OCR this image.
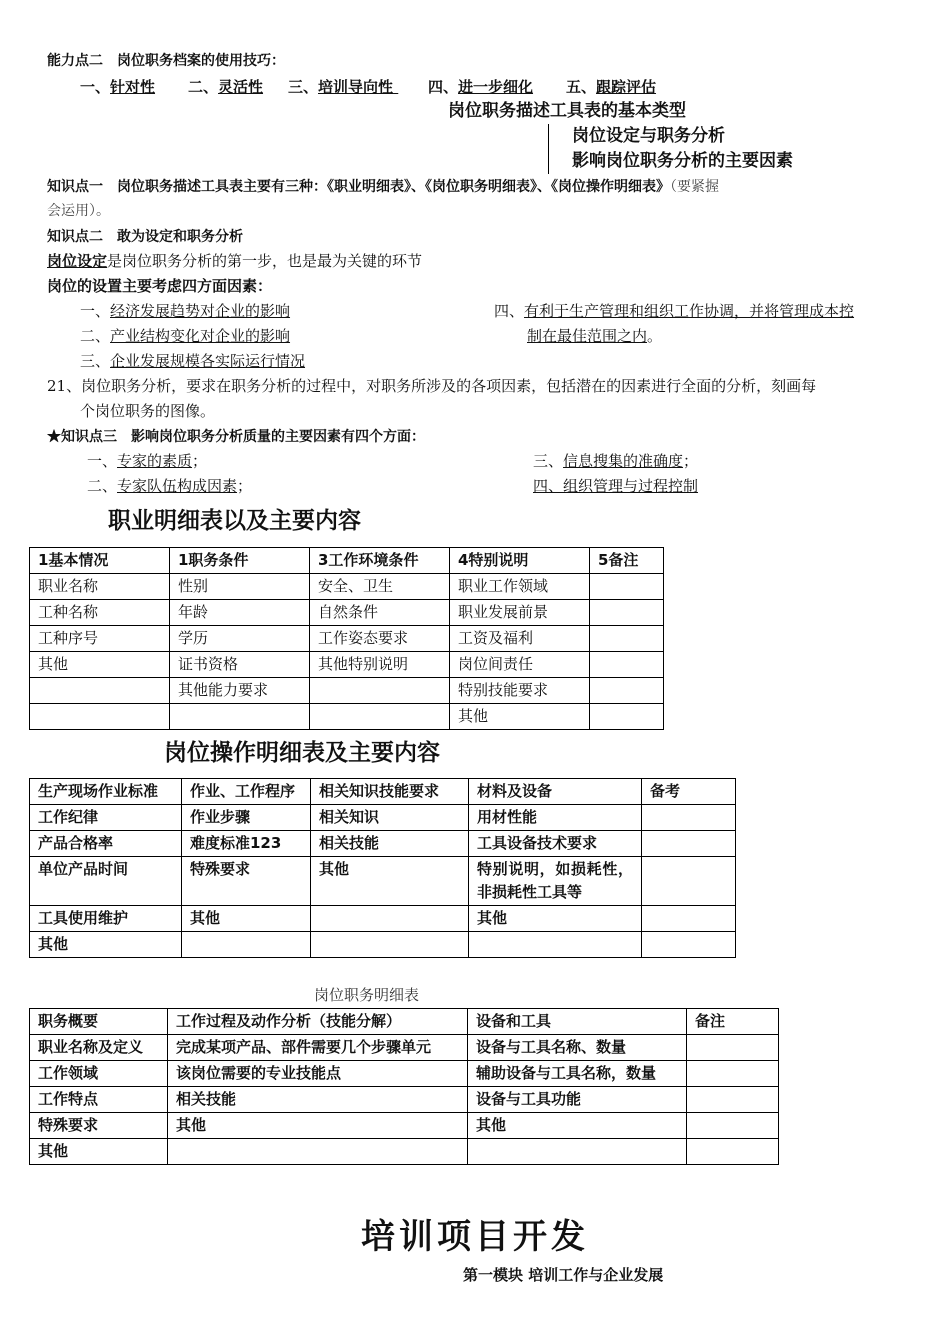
能力点二　岗位职务档案的使用技巧：
一、针对性 二、灵活性 三、培训导向性	四、进一步细化 五、跟踪评估
岗位职务描述工具表的基本类型
岗位设定与职务分析
影响岗位职务分析的主要因素
知识点一　岗位职务描述工具表主要有三种：《职业明细表》、《岗位职务明细表》、《岗位操作明细表》（要紧握
会运用）。
知识点二　敢为设定和职务分析
岗位设定是岗位职务分析的第一步，也是最为关键的环节
岗位的设置主要考虑四方面因素：
一、经济发展趋势对企业的影响
二、产业结构变化对企业的影响
三、企业发展规模各实际运行情况
四、有利于生产管理和组织工作协调，并将管理成本控
制在最佳范围之内。
21、岗位职务分析，要求在职务分析的过程中，对职务所涉及的各项因素，包括潜在的因素进行全面的分析，刻画每
个岗位职务的图像。
★知识点三　影响岗位职务分析质量的主要因素有四个方面：
一、专家的素质；
二、专家队伍构成因素；
三、信息搜集的准确度；
四、组织管理与过程控制
职业明细表以及主要内容
1基本情况	1职务条件	3工作环境条件	4特别说明	5备注
职业名称	性别	安全、卫生	职业工作领域	
工种名称	年龄	自然条件	职业发展前景	
工种序号	学历	工作姿态要求	工资及福利	
其他	证书资格	其他特别说明	岗位间责任	
	其他能力要求		特别技能要求	
			其他	
岗位操作明细表及主要内容
生产现场作业标准	作业、工作程序	相关知识技能要求	材料及设备	备考
工作纪律	作业步骤	相关知识	用材性能	
产品合格率	难度标准123	相关技能	工具设备技术要求	
单位产品时间	特殊要求	其他	特别说明，如损耗性，非损耗性工具等	
工具使用维护	其他		其他	
其他				
岗位职务明细表
职务概要	工作过程及动作分析（技能分解）	设备和工具	备注
职业名称及定义	完成某项产品、部件需要几个步骤单元	设备与工具名称、数量	
工作领域	该岗位需要的专业技能点	辅助设备与工具名称，数量	
工作特点	相关技能	设备与工具功能	
特殊要求	其他	其他	
其他			
培训项目开发
第一模块 培训工作与企业发展
